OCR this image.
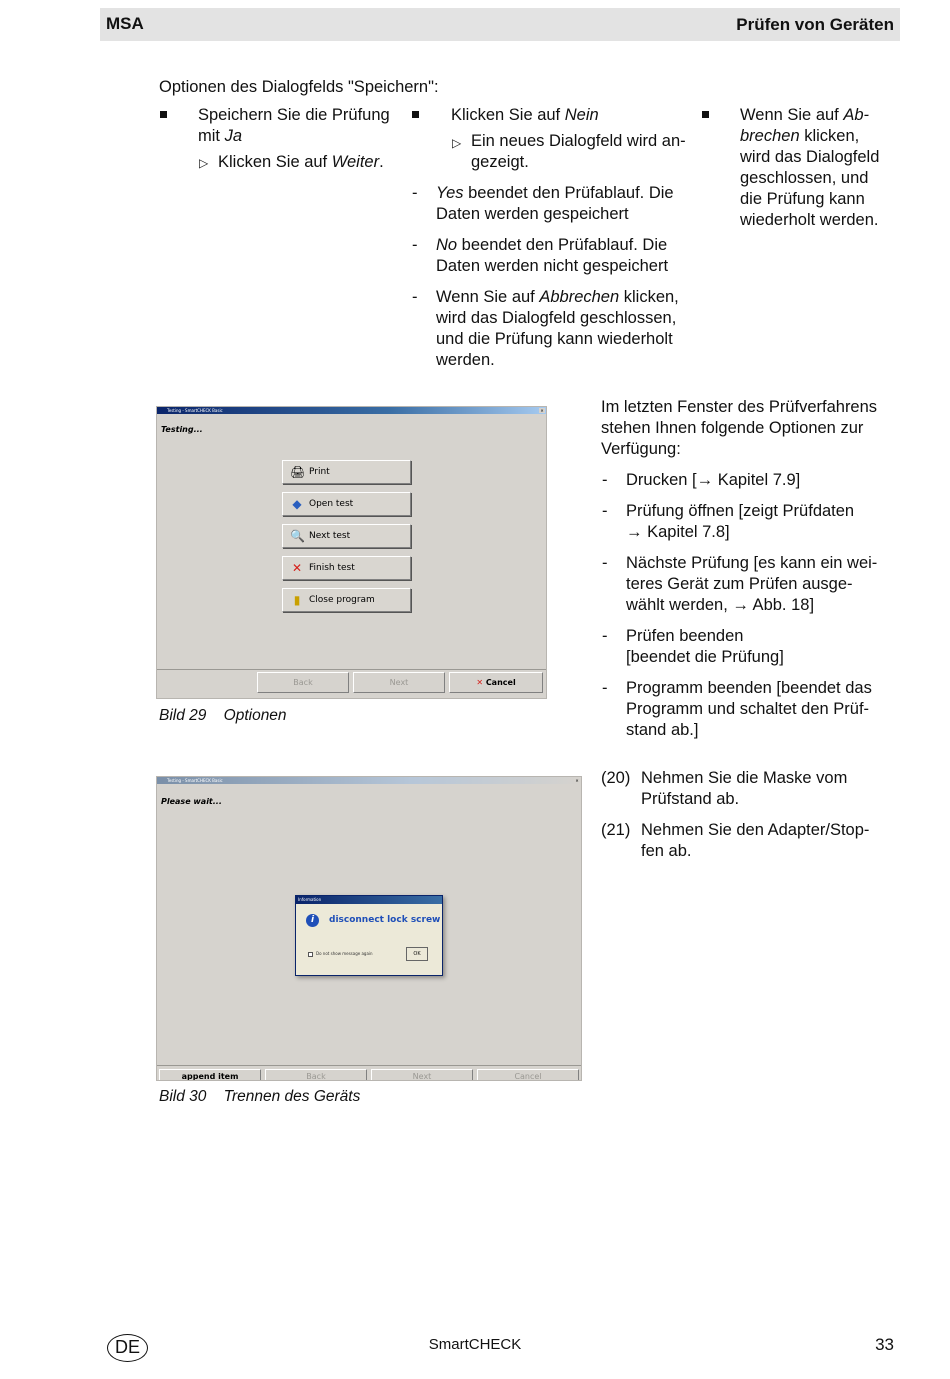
MSA	Prüfen von Geräten
Optionen des Dialogfelds "Speichern":
Speichern Sie die Prüfung
mit Ja
▷ Klicken Sie auf Weiter.
Klicken Sie auf Nein
▷ Ein neues Dialogfeld wird an-
gezeigt.
- Yes beendet den Prüfablauf. Die
Daten werden gespeichert
- No beendet den Prüfablauf. Die
Daten werden nicht gespeichert
- Wenn Sie auf Abbrechen klicken,
wird das Dialogfeld geschlossen,
und die Prüfung kann wiederholt
werden.
Wenn Sie auf Ab-
brechen klicken,
wird das Dialogfeld
geschlossen, und
die Prüfung kann
wiederholt werden.
Testing - SmartCHECK Basic	✕
Testing...
🖨 Print
◆ Open test
🔍 Next test
✕ Finish test
▮ Close program
Back	Next	✕ Cancel
Bild 29 Optionen
Im letzten Fenster des Prüfverfahrens
stehen Ihnen folgende Optionen zur
Verfügung:
- Drucken [→ Kapitel 7.9]
- Prüfung öffnen [zeigt Prüfdaten
→ Kapitel 7.8]
- Nächste Prüfung [es kann ein wei-
teres Gerät zum Prüfen ausge-
wählt werden, → Abb. 18]
- Prüfen beenden
[beendet die Prüfung]
- Programm beenden [beendet das
Programm und schaltet den Prüf-
stand ab.]
(20) Nehmen Sie die Maske vom
Prüfstand ab.
(21) Nehmen Sie den Adapter/Stop-
fen ab.
Testing - SmartCHECK Basic	✕
Please wait...
Information
i	disconnect lock screw
Do not show message again	OK
append item	Back	Next	Cancel
Bild 30 Trennen des Geräts
DE	SmartCHECK	33
